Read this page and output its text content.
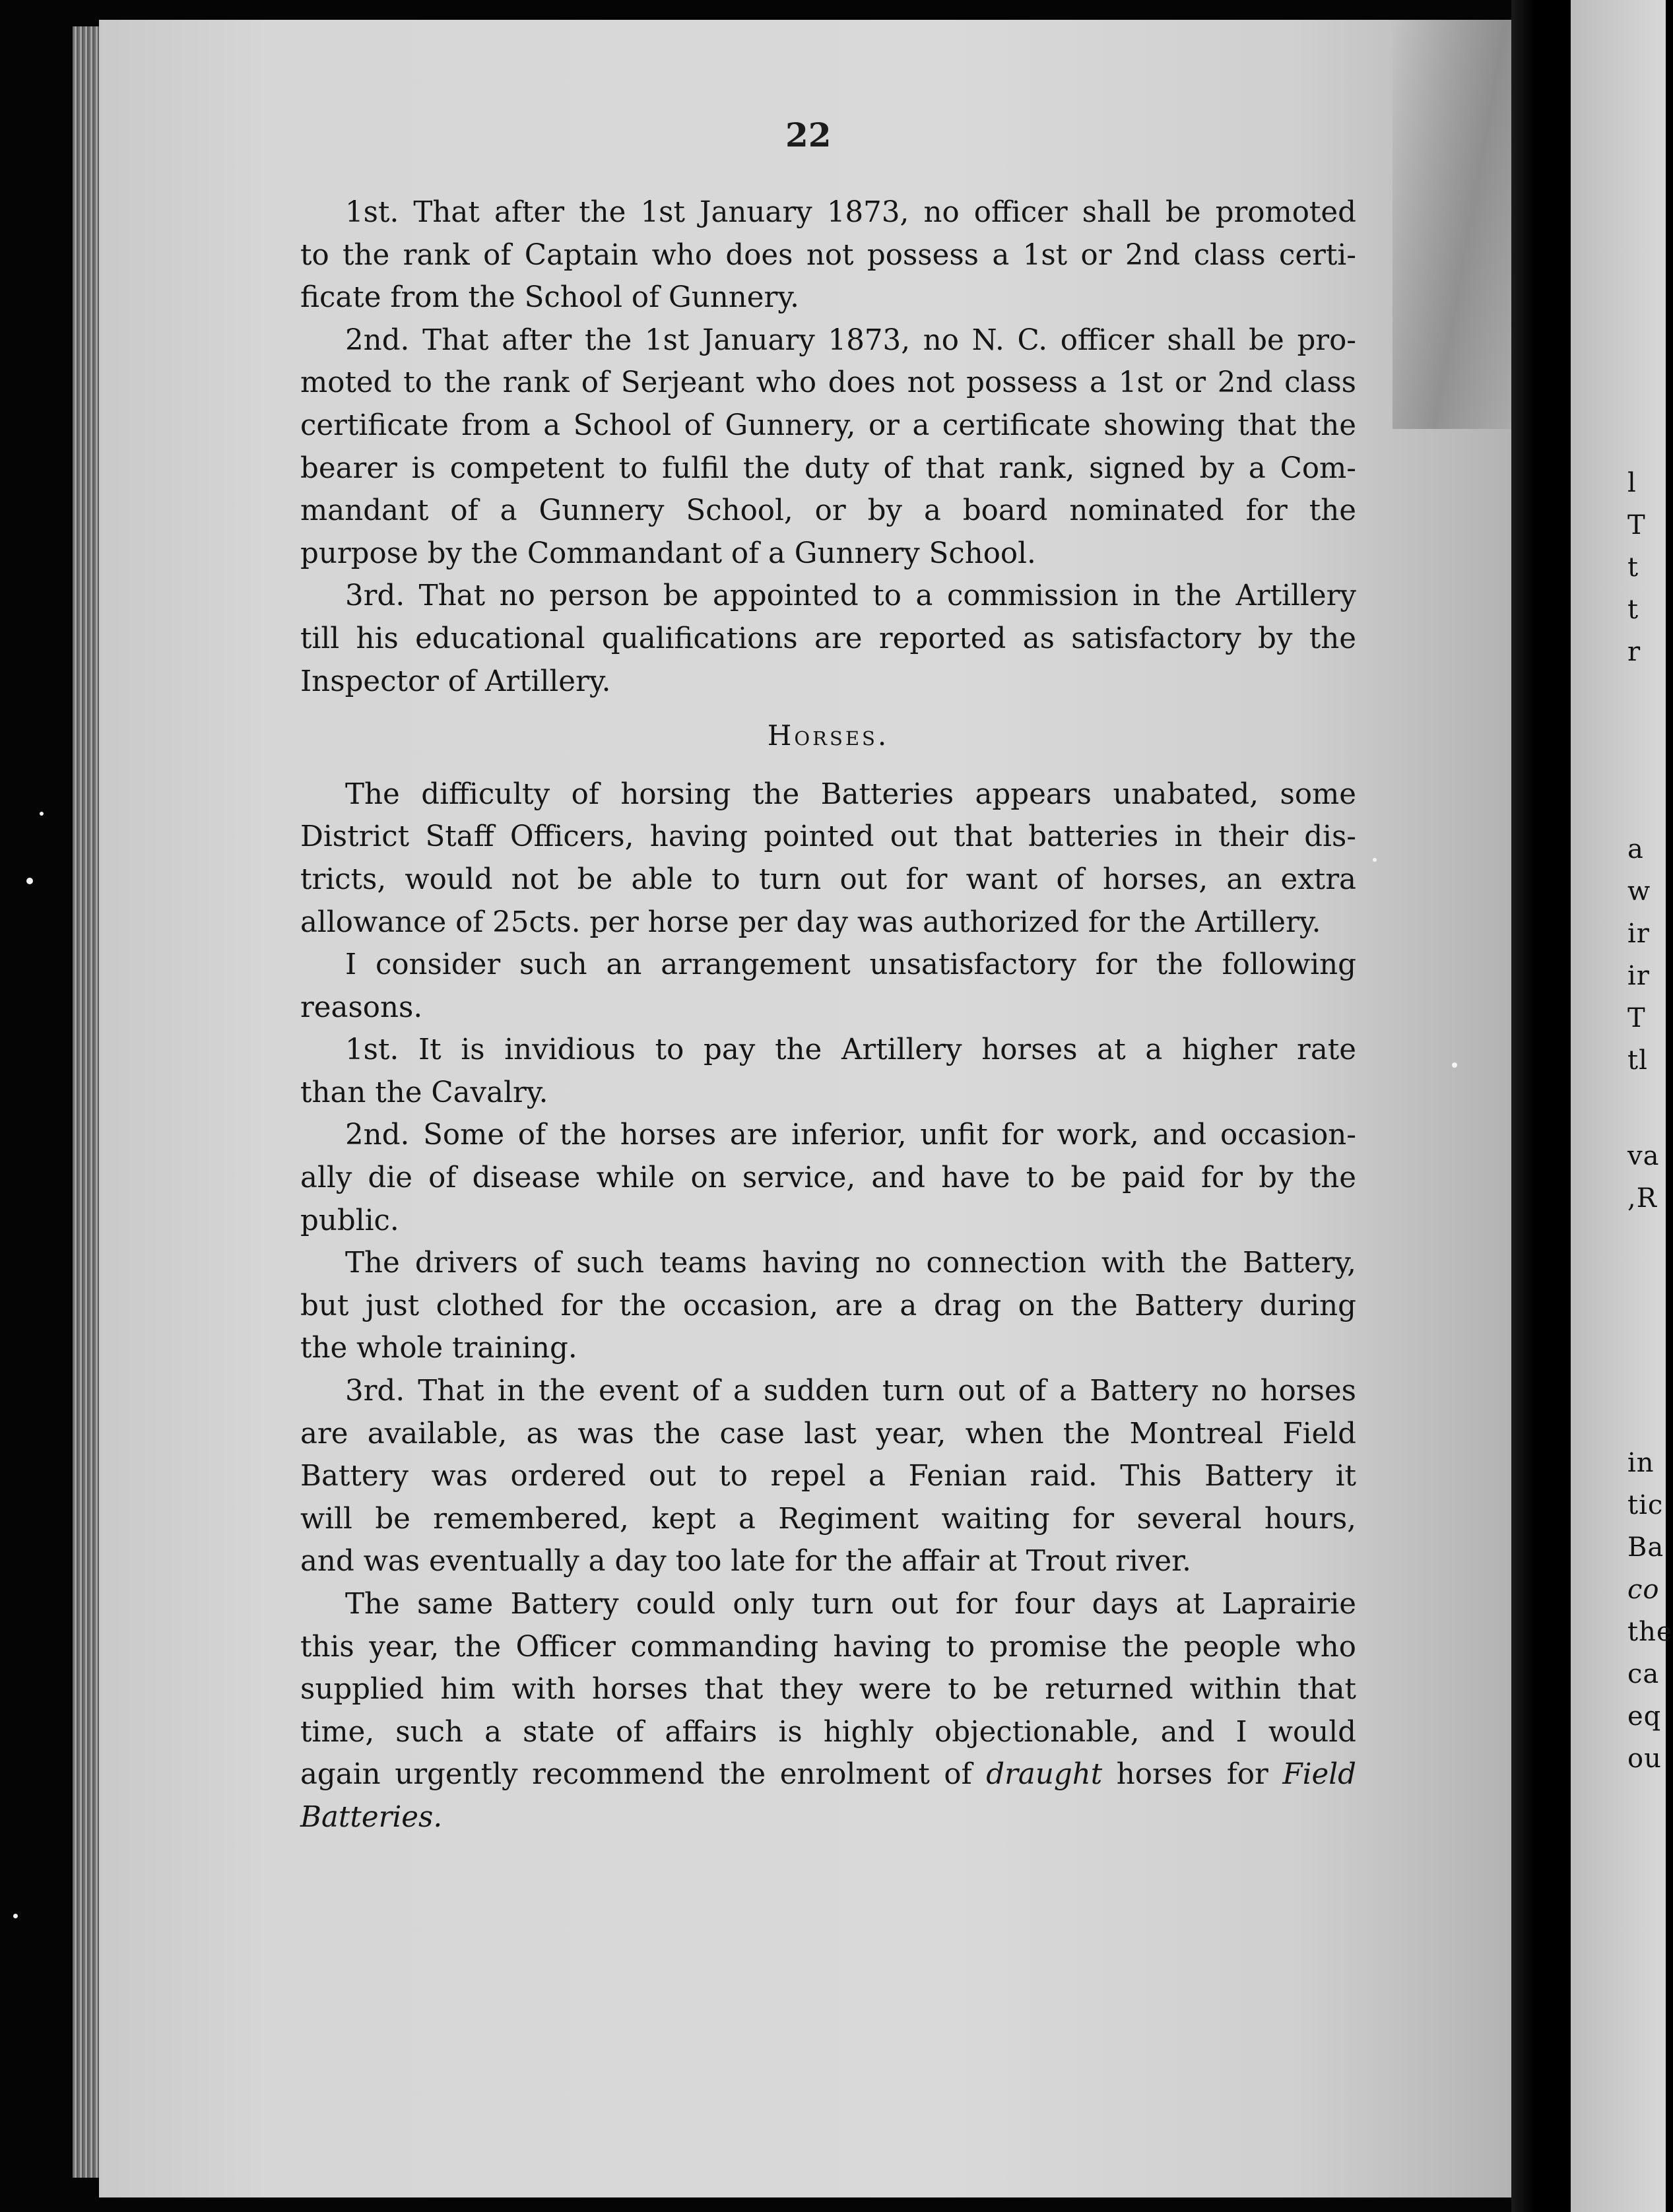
l
T
t
t
r
a
w
ir
ir
T
tl
va
,R
in
tic
Ba
co
the
ca
eq
ou
22
1st. That after the 1st January 1873, no officer shall be promoted
to the rank of Captain who does not possess a 1st or 2nd class certi-
ficate from the School of Gunnery.
2nd. That after the 1st January 1873, no N. C. officer shall be pro-
moted to the rank of Serjeant who does not possess a 1st or 2nd class
certificate from a School of Gunnery, or a certificate showing that the
bearer is competent to fulfil the duty of that rank, signed by a Com-
mandant of a Gunnery School, or by a board nominated for the
purpose by the Commandant of a Gunnery School.
3rd. That no person be appointed to a commission in the Artillery
till his educational qualifications are reported as satisfactory by the
Inspector of Artillery.
Horses.
The difficulty of horsing the Batteries appears unabated, some
District Staff Officers, having pointed out that batteries in their dis-
tricts, would not be able to turn out for want of horses, an extra
allowance of 25cts. per horse per day was authorized for the Artillery.
I consider such an arrangement unsatisfactory for the following
reasons.
1st. It is invidious to pay the Artillery horses at a higher rate
than the Cavalry.
2nd. Some of the horses are inferior, unfit for work, and occasion-
ally die of disease while on service, and have to be paid for by the
public.
The drivers of such teams having no connection with the Battery,
but just clothed for the occasion, are a drag on the Battery during
the whole training.
3rd. That in the event of a sudden turn out of a Battery no horses
are available, as was the case last year, when the Montreal Field
Battery was ordered out to repel a Fenian raid. This Battery it
will be remembered, kept a Regiment waiting for several hours,
and was eventually a day too late for the affair at Trout river.
The same Battery could only turn out for four days at Laprairie
this year, the Officer commanding having to promise the people who
supplied him with horses that they were to be returned within that
time, such a state of affairs is highly objectionable, and I would
again urgently recommend the enrolment of draught horses for Field
Batteries.
